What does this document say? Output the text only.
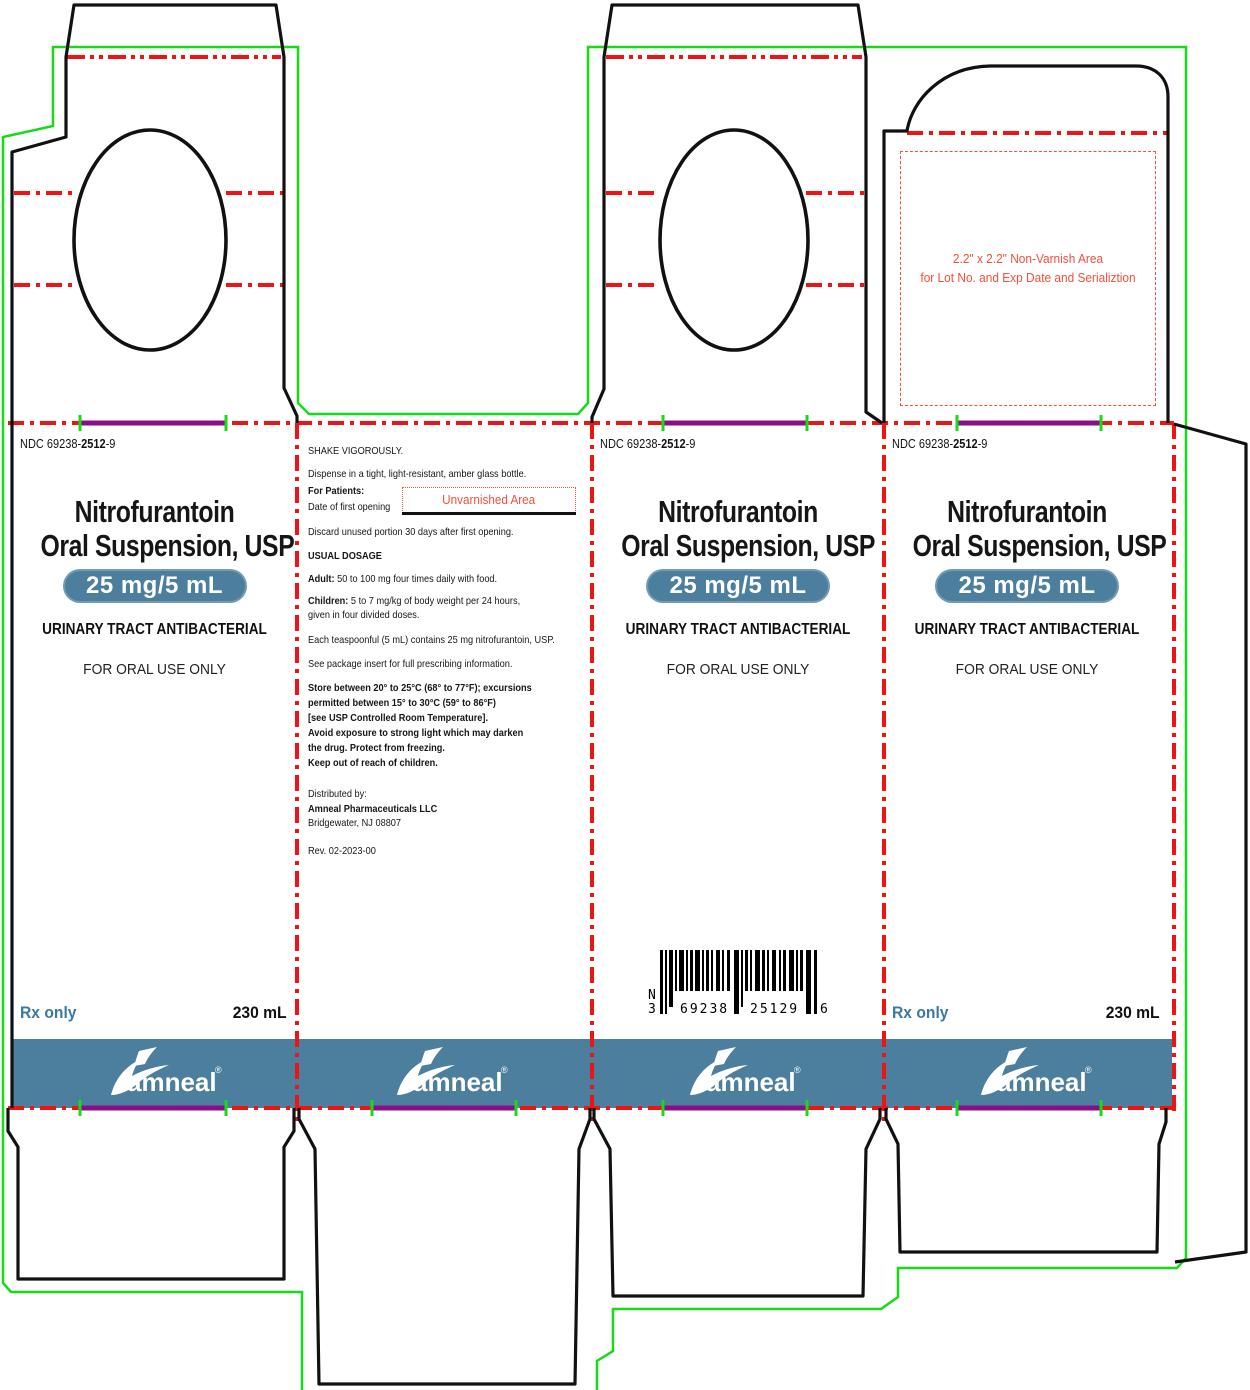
amneal
®	amneal
®	amneal
®	amneal
®
2.2" x 2.2" Non-Varnish Area
for Lot No. and Exp Date and Serializtion
NDC 69238-2512-9
Nitrofurantoin
Oral Suspension, USP
25 mg/5 mL
URINARY TRACT ANTIBACTERIAL
FOR ORAL USE ONLY
Rx only	230 mL
SHAKE VIGOROUSLY.
Dispense in a tight, light-resistant, amber glass bottle.
For Patients:
Date of first opening
Unvarnished Area
Discard unused portion 30 days after first opening.
USUAL DOSAGE
Adult: 50 to 100 mg four times daily with food.
Children: 5 to 7 mg/kg of body weight per 24 hours,
given in four divided doses.
Each teaspoonful (5 mL) contains 25 mg nitrofurantoin, USP.
See package insert for full prescribing information.
Store between 20° to 25°C (68° to 77°F); excursions
permitted between 15° to 30°C (59° to 86°F)
[see USP Controlled Room Temperature].
Avoid exposure to strong light which may darken
the drug. Protect from freezing.
Keep out of reach of children.
Distributed by:
Amneal Pharmaceuticals LLC
Bridgewater, NJ 08807
Rev. 02-2023-00
NDC 69238-2512-9
Nitrofurantoin
Oral Suspension, USP
25 mg/5 mL
URINARY TRACT ANTIBACTERIAL
FOR ORAL USE ONLY
N
3 69238 25129 6
NDC 69238-2512-9
Nitrofurantoin
Oral Suspension, USP
25 mg/5 mL
URINARY TRACT ANTIBACTERIAL
FOR ORAL USE ONLY
Rx only	230 mL
